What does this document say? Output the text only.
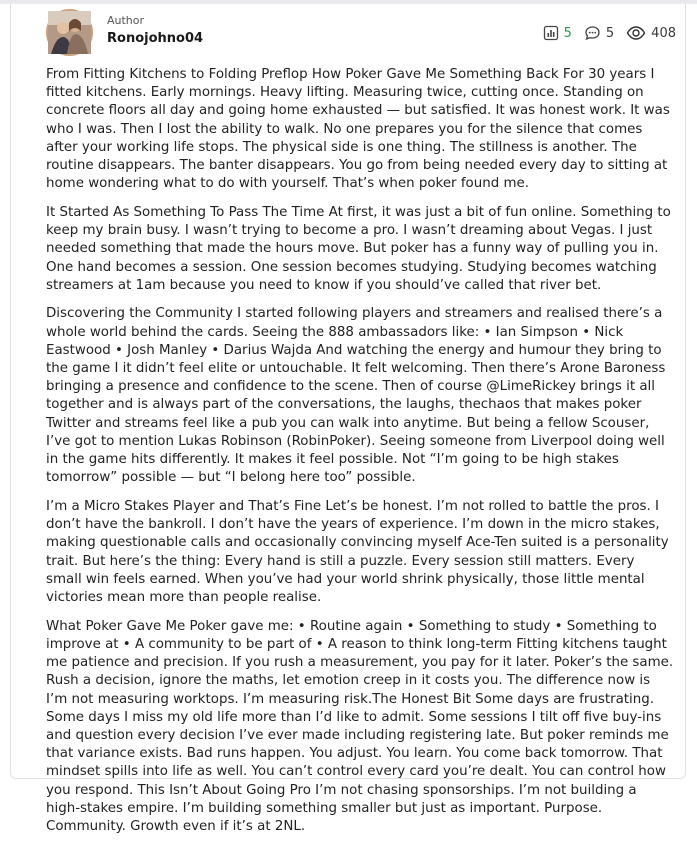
Author
Ronojohno04	5	5	408

From Fitting Kitchens to Folding Preflop How Poker Gave Me Something Back For 30 years I fitted kitchens. Early mornings. Heavy lifting. Measuring twice, cutting once. Standing on concrete floors all day and going home exhausted — but satisfied. It was honest work. It was who I was. Then I lost the ability to walk. No one prepares you for the silence that comes after your working life stops. The physical side is one thing. The stillness is another. The routine disappears. The banter disappears. You go from being needed every day to sitting at home wondering what to do with yourself. That’s when poker found me.

It Started As Something To Pass The Time At first, it was just a bit of fun online. Something to keep my brain busy. I wasn’t trying to become a pro. I wasn’t dreaming about Vegas. I just needed something that made the hours move. But poker has a funny way of pulling you in. One hand becomes a session. One session becomes studying. Studying becomes watching streamers at 1am because you need to know if you should’ve called that river bet.

Discovering the Community I started following players and streamers and realised there’s a whole world behind the cards. Seeing the 888 ambassadors like: • Ian Simpson • Nick Eastwood • Josh Manley • Darius Wajda And watching the energy and humour they bring to the game I it didn’t feel elite or untouchable. It felt welcoming. Then there’s Arone Baroness bringing a presence and confidence to the scene. Then of course @LimeRickey brings it all together and is always part of the conversations, the laughs, thechaos that makes poker Twitter and streams feel like a pub you can walk into anytime. But being a fellow Scouser, I’ve got to mention Lukas Robinson (RobinPoker). Seeing someone from Liverpool doing well in the game hits differently. It makes it feel possible. Not “I’m going to be high stakes tomorrow” possible — but “I belong here too” possible.

I’m a Micro Stakes Player and That’s Fine Let’s be honest. I’m not rolled to battle the pros. I don’t have the bankroll. I don’t have the years of experience. I’m down in the micro stakes, making questionable calls and occasionally convincing myself Ace-Ten suited is a personality trait. But here’s the thing: Every hand is still a puzzle. Every session still matters. Every small win feels earned. When you’ve had your world shrink physically, those little mental victories mean more than people realise.

What Poker Gave Me Poker gave me: • Routine again • Something to study • Something to improve at • A community to be part of • A reason to think long-term Fitting kitchens taught me patience and precision. If you rush a measurement, you pay for it later. Poker’s the same. Rush a decision, ignore the maths, let emotion creep in it costs you. The difference now is I’m not measuring worktops. I’m measuring risk.The Honest Bit Some days are frustrating. Some days I miss my old life more than I’d like to admit. Some sessions I tilt off five buy-ins and question every decision I’ve ever made including registering late. But poker reminds me that variance exists. Bad runs happen. You adjust. You learn. You come back tomorrow. That mindset spills into life as well. You can’t control every card you’re dealt. You can control how you respond. This Isn’t About Going Pro I’m not chasing sponsorships. I’m not building a high-stakes empire. I’m building something smaller but just as important. Purpose. Community. Growth even if it’s at 2NL.
